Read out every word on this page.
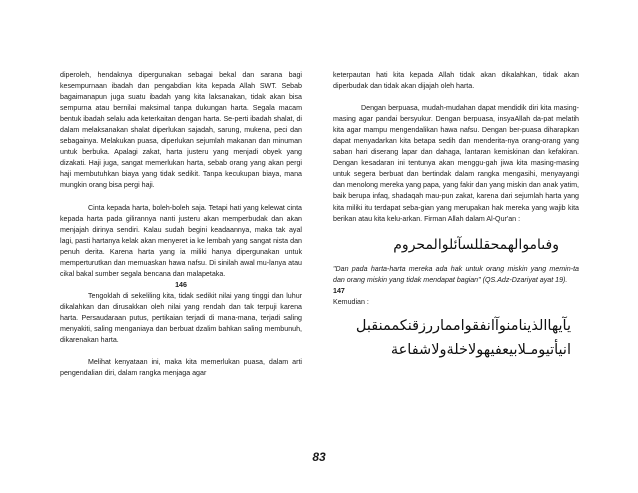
diperoleh, hendaknya dipergunakan sebagai bekal dan sarana bagi kesempurnaan ibadah dan pengabdian kita kepada Allah SWT. Sebab bagaimanapun juga suatu ibadah yang kita laksanakan, tidak akan bisa sempurna atau bernilai maksimal tanpa dukungan harta. Segala macam bentuk ibadah selalu ada keterkaitan dengan harta. Se-perti ibadah shalat, di dalam melaksanakan shalat diperlukan sajadah, sarung, mukena, peci dan sebagainya. Melakukan puasa, diperlukan sejumlah makanan dan minuman untuk berbuka. Apalagi zakat, harta justeru yang menjadi obyek yang dizakati. Haji juga, sangat memerlukan harta, sebab orang yang akan pergi haji membutuhkan biaya yang tidak sedikit. Tanpa kecukupan biaya, mana mungkin orang bisa pergi haji.

Cinta kepada harta, boleh-boleh saja. Tetapi hati yang kelewat cinta kepada harta pada gilirannya nanti justeru akan memperbudak dan akan menjajah dirinya sendiri. Kalau sudah begini keadaannya, maka tak ayal lagi, pasti hartanya kelak akan menyeret ia ke lembah yang sangat nista dan penuh derita. Karena harta yang ia miliki hanya dipergunakan untuk memperturutkan dan memuaskan hawa nafsu. Di sinilah awal mu-lanya atau cikal bakal sumber segala bencana dan malapetaka.

146

Tengoklah di sekeliling kita, tidak sedikit nilai yang tinggi dan luhur dikalahkan dan dirusakkan oleh nilai yang rendah dan tak terpuji karena harta. Persaudaraan putus, pertikaian terjadi di mana-mana, terjadi saling menyakiti, saling menganiaya dan berbuat dzalim bahkan saling membunuh, dikarenakan harta.

Melihat kenyataan ini, maka kita memerlukan puasa, dalam arti pengendalian diri, dalam rangka menjaga agar

keterpautan hati kita kepada Allah tidak akan dikalahkan, tidak akan diperbudak dan tidak akan dijajah oleh harta.

Dengan berpuasa, mudah-mudahan dapat mendidik diri kita masing-masing agar pandai bersyukur. Dengan berpuasa, insyaAllah da-pat melatih kita agar mampu mengendalikan hawa nafsu. Dengan ber-puasa diharapkan dapat menyadarkan kita betapa sedih dan menderita-nya orang-orang yang saban hari diserang lapar dan dahaga, lantaran kemiskinan dan kefakiran. Dengan kesadaran ini tentunya akan menggu-gah jiwa kita masing-masing untuk segera berbuat dan bertindak dalam rangka mengasihi, menyayangi dan menolong mereka yang papa, yang fakir dan yang miskin dan anak yatim, baik berupa infaq, shadaqah mau-pun zakat, karena dari sejumlah harta yang kita miliki itu terdapat seba-gian yang merupakan hak mereka yang wajib kita berikan atau kita kelu-arkan. Firman Allah dalam Al-Qur'an :

وفىاموالهمحقللسآئلوالمحروم

"Dan pada harta-harta mereka ada hak untuk orang miskin yang memin-ta dan orang miskin yang tidak mendapat bagian" (QS.Adz-Dzariyat ayat 19).

147

Kemudian :

يآيهاالذينامنوآانفقوامماررزقنكممنقبل

انيأتيومـلابيعفيهولاخلةولاشفاعة

83
